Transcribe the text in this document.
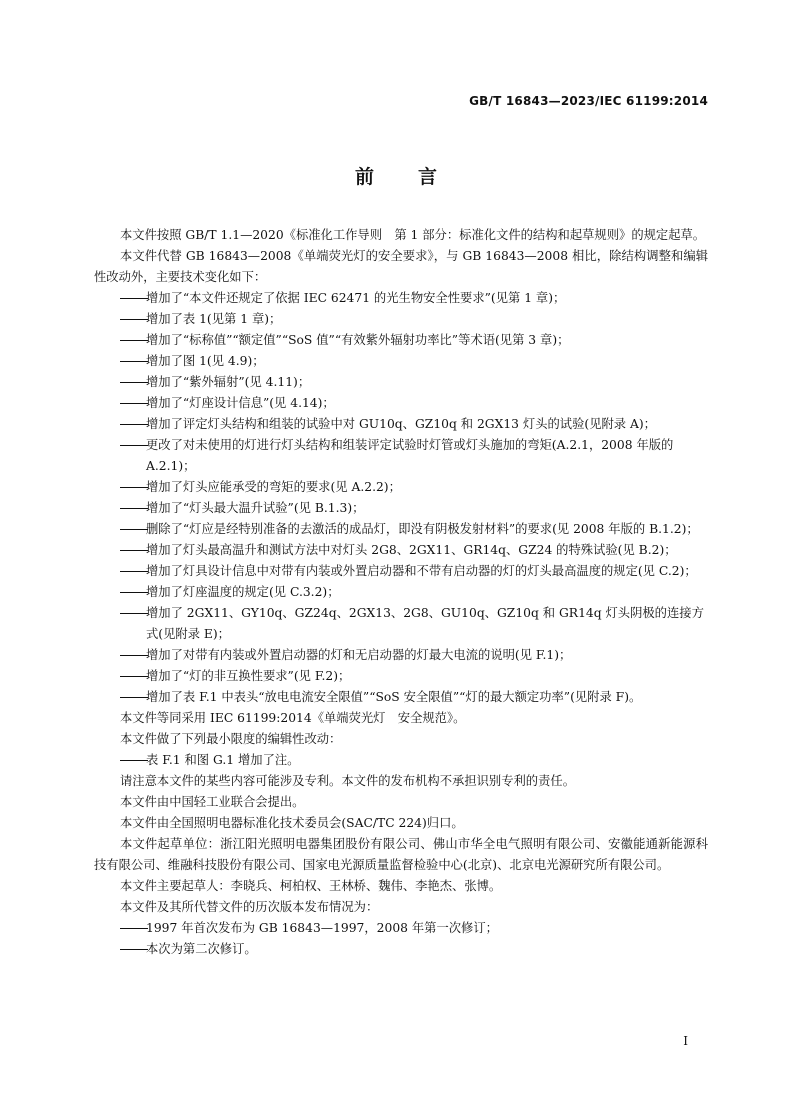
GB/T 16843—2023/IEC 61199:2014
前 言

本文件按照 GB/T 1.1—2020《标准化工作导则　第 1 部分：标准化文件的结构和起草规则》的规定起草。

本文件代替 GB 16843—2008《单端荧光灯的安全要求》，与 GB 16843—2008 相比，除结构调整和编辑性改动外，主要技术变化如下：

增加了“本文件还规定了依据 IEC 62471 的光生物安全性要求”(见第 1 章)；

增加了表 1(见第 1 章)；

增加了“标称值”“额定值”“SoS 值”“有效紫外辐射功率比”等术语(见第 3 章)；

增加了图 1(见 4.9)；

增加了“紫外辐射”(见 4.11)；

增加了“灯座设计信息”(见 4.14)；

增加了评定灯头结构和组装的试验中对 GU10q、GZ10q 和 2GX13 灯头的试验(见附录 A)；

更改了对未使用的灯进行灯头结构和组装评定试验时灯管或灯头施加的弯矩(A.2.1，2008 年版的 A.2.1)；

增加了灯头应能承受的弯矩的要求(见 A.2.2)；

增加了“灯头最大温升试验”(见 B.1.3)；

删除了“灯应是经特别准备的去激活的成品灯，即没有阴极发射材料”的要求(见 2008 年版的 B.1.2)；

增加了灯头最高温升和测试方法中对灯头 2G8、2GX11、GR14q、GZ24 的特殊试验(见 B.2)；

增加了灯具设计信息中对带有内装或外置启动器和不带有启动器的灯的灯头最高温度的规定(见 C.2)；

增加了灯座温度的规定(见 C.3.2)；

增加了 2GX11、GY10q、GZ24q、2GX13、2G8、GU10q、GZ10q 和 GR14q 灯头阴极的连接方式(见附录 E)；

增加了对带有内装或外置启动器的灯和无启动器的灯最大电流的说明(见 F.1)；

增加了“灯的非互换性要求”(见 F.2)；

增加了表 F.1 中表头“放电电流安全限值”“SoS 安全限值”“灯的最大额定功率”(见附录 F)。

本文件等同采用 IEC 61199:2014《单端荧光灯　安全规范》。

本文件做了下列最小限度的编辑性改动：

表 F.1 和图 G.1 增加了注。

请注意本文件的某些内容可能涉及专利。本文件的发布机构不承担识别专利的责任。

本文件由中国轻工业联合会提出。

本文件由全国照明电器标准化技术委员会(SAC/TC 224)归口。

本文件起草单位：浙江阳光照明电器集团股份有限公司、佛山市华全电气照明有限公司、安徽能通新能源科技有限公司、维融科技股份有限公司、国家电光源质量监督检验中心(北京)、北京电光源研究所有限公司。

本文件主要起草人：李晓兵、柯柏权、王林桥、魏伟、李艳杰、张博。

本文件及其所代替文件的历次版本发布情况为：

1997 年首次发布为 GB 16843—1997，2008 年第一次修订；

本次为第二次修订。

I
